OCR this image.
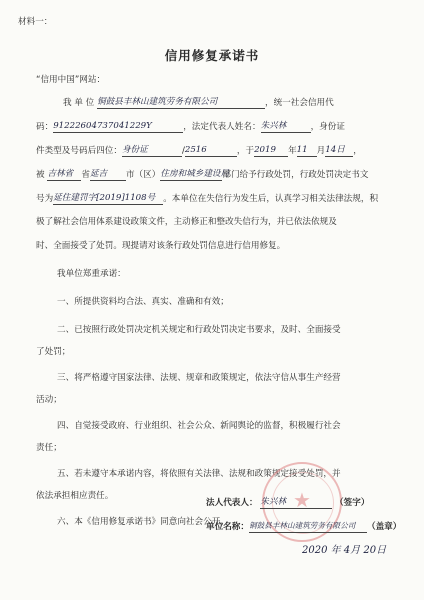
材料一：
信用修复承诺书
“信用中国”网站：
我 单 位 铜鼓县丰林山建筑劳务有限公司	，统一社会信用代
码：91222604737041229Y	，法定代表人姓名：朱兴林	，身份证
件类型及号码后四位：身份证	/2516	，于2019 年11 月14日 ，
被 吉林省 省延吉 市（区）住房和城乡建设局部门给予行政处罚，行政处罚决定书文
号为延住建罚字[2019]1108号 。本单位在失信行为发生后，认真学习相关法律法规，积
极了解社会信用体系建设政策文件，主动修正和整改失信行为，并已依法依规及
时、全面接受了处罚。现提请对该条行政处罚信息进行信用修复。
我单位郑重承诺：
一、所提供资料均合法、真实、准确和有效；
二、已按照行政处罚决定机关规定和行政处罚决定书要求，及时、全面接受
了处罚；
三、将严格遵守国家法律、法规、规章和政策规定，依法守信从事生产经营
活动；
四、自觉接受政府、行业组织、社会公众、新闻舆论的监督，积极履行社会
责任；
五、若未遵守本承诺内容，将依照有关法律、法规和政策规定接受处罚，并
依法承担相应责任。
六、本《信用修复承诺书》同意向社会公开。
★
法人代表人： 朱兴林	（签字）
单位名称：铜鼓县丰林山建筑劳务有限公司 （盖章）
2020 年 4月 20日
